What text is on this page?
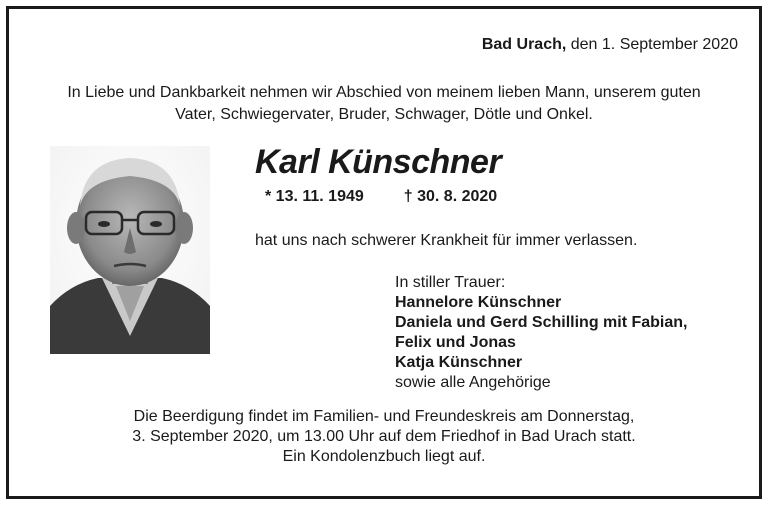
Bad Urach, den 1. September 2020
In Liebe und Dankbarkeit nehmen wir Abschied von meinem lieben Mann, unserem guten
Vater, Schwiegervater, Bruder, Schwager, Dötle und Onkel.
Karl Künschner
* 13. 11. 1949	† 30. 8. 2020
hat uns nach schwerer Krankheit für immer verlassen.
In stiller Trauer:
Hannelore Künschner
Daniela und Gerd Schilling mit Fabian,
Felix und Jonas
Katja Künschner
sowie alle Angehörige
Die Beerdigung findet im Familien- und Freundeskreis am Donnerstag,
3. September 2020, um 13.00 Uhr auf dem Friedhof in Bad Urach statt.
Ein Kondolenzbuch liegt auf.
